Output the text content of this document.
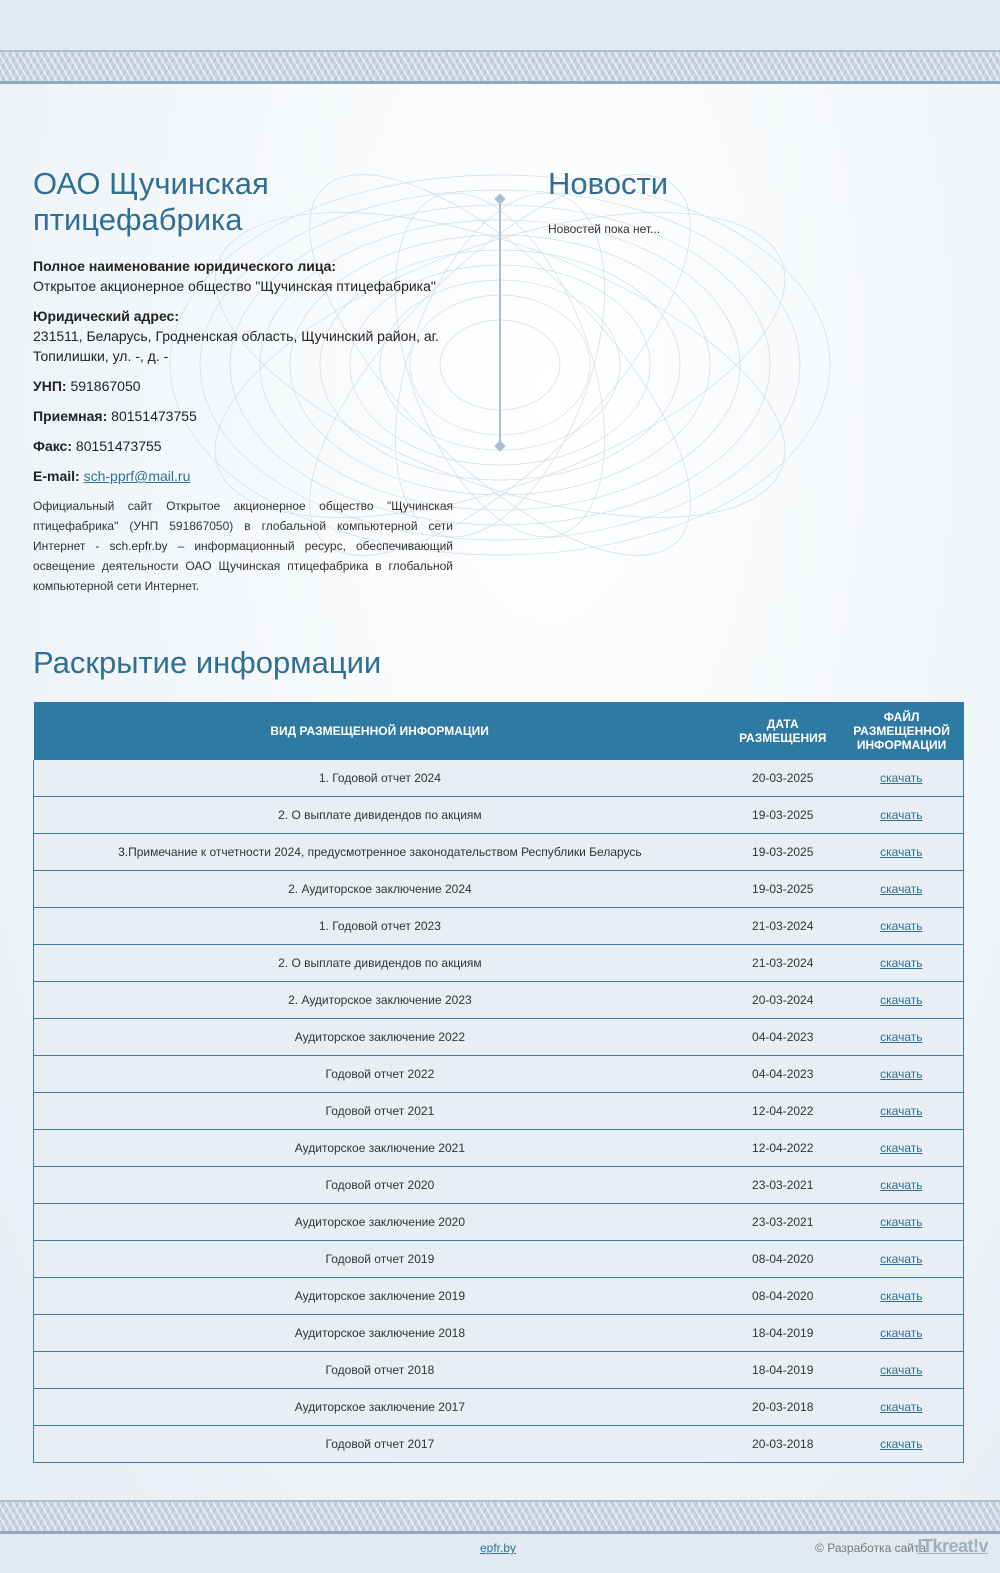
ОАО Щучинская птицефабрика

Полное наименование юридического лица:
Открытое акционерное общество "Щучинская птицефабрика"

Юридический адрес:
231511, Беларусь, Гродненская область, Щучинский район, аг. Топилишки, ул. -, д. -

УНП: 591867050

Приемная: 80151473755

Факс: 80151473755

E-mail: sch-pprf@mail.ru

Официальный сайт Открытое акционерное общество "Щучинская птицефабрика" (УНП 591867050) в глобальной компьютерной сети Интернет - sch.epfr.by – информационный ресурс, обеспечивающий освещение деятельности ОАО Щучинская птицефабрика в глобальной компьютерной сети Интернет.
Новости
Новостей пока нет...
Раскрытие информации
ВИД РАЗМЕЩЕННОЙ ИНФОРМАЦИИ	ДАТА РАЗМЕЩЕНИЯ	ФАЙЛ РАЗМЕЩЕННОЙ ИНФОРМАЦИИ
1. Годовой отчет 2024	20-03-2025	скачать
2. О выплате дивидендов по акциям	19-03-2025	скачать
3.Примечание к отчетности 2024, предусмотренное законодательством Республики Беларусь	19-03-2025	скачать
2. Аудиторское заключение 2024	19-03-2025	скачать
1. Годовой отчет 2023	21-03-2024	скачать
2. О выплате дивидендов по акциям	21-03-2024	скачать
2. Аудиторское заключение 2023	20-03-2024	скачать
Аудиторское заключение 2022	04-04-2023	скачать
Годовой отчет 2022	04-04-2023	скачать
Годовой отчет 2021	12-04-2022	скачать
Аудиторское заключение 2021	12-04-2022	скачать
Годовой отчет 2020	23-03-2021	скачать
Аудиторское заключение 2020	23-03-2021	скачать
Годовой отчет 2019	08-04-2020	скачать
Аудиторское заключение 2019	08-04-2020	скачать
Аудиторское заключение 2018	18-04-2019	скачать
Годовой отчет 2018	18-04-2019	скачать
Аудиторское заключение 2017	20-03-2018	скачать
Годовой отчет 2017	20-03-2018	скачать
epfr.by	© Разработка сайта
ITkreat!v
